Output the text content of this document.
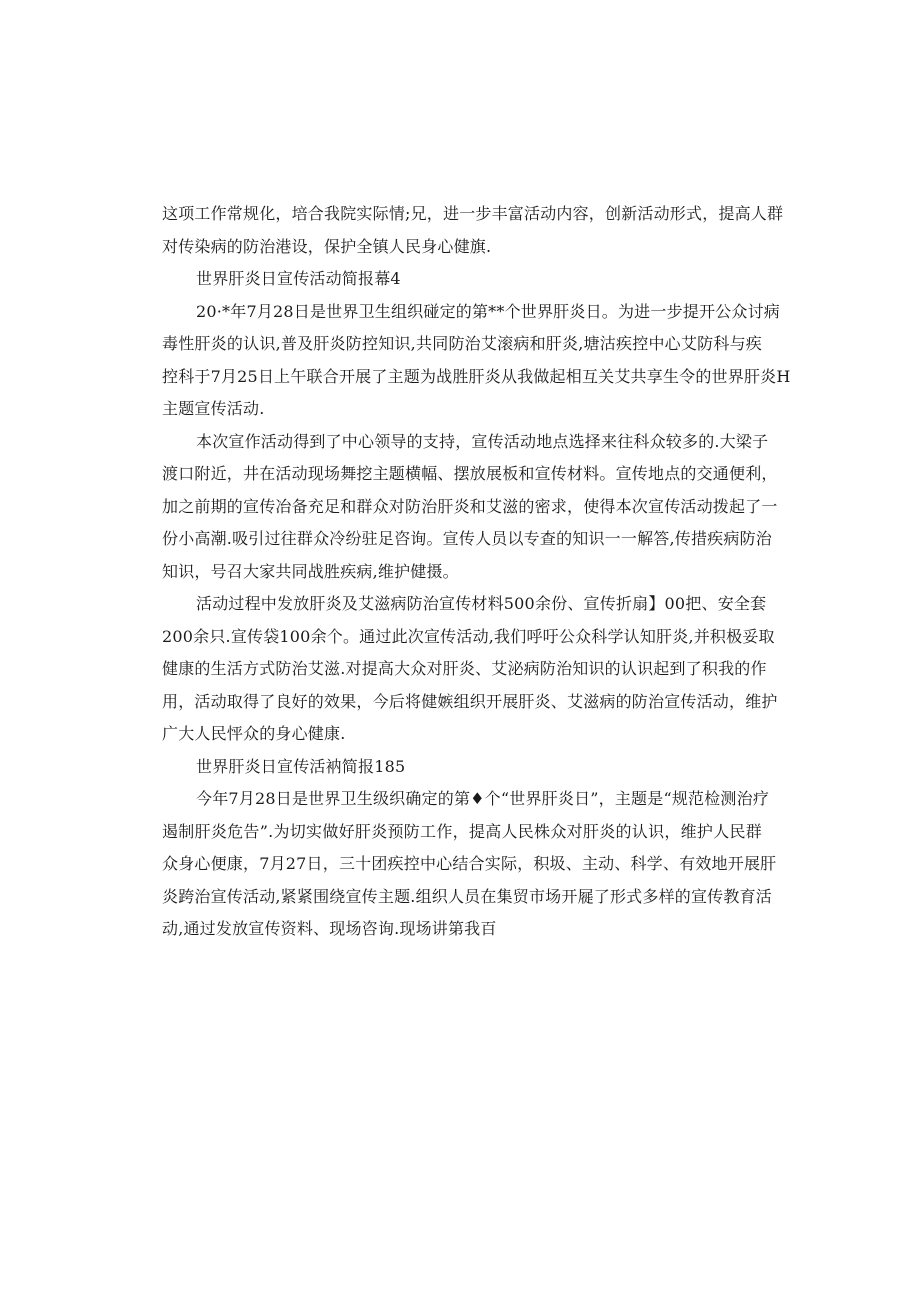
这项工作常规化，培合我院实际情;兄，进一步丰富活动内容，创新活动形式，提高人群
对传染病的防治港设，保护全镇人民身心健旗.
世界肝炎日宣传活动简报幕4
20·*年7月28日是世界卫生组织碰定的第**个世界肝炎日。为进一步提开公众讨病
毒性肝炎的认识,普及肝炎防控知识,共同防治艾滚病和肝炎,塘沽疾控中心艾防科与疾
控科于7月25日上午联合开展了主题为战胜肝炎从我做起相互关艾共享生令的世界肝炎H
主题宣传活动.
本次宣作活动得到了中心领导的支持，宣传活动地点选择来往科众较多的.大梁子
渡口附近，井在活动现场舞挖主题横幅、摆放展板和宣传材料。宣传地点的交通便利，
加之前期的宣传冶备充足和群众对防治肝炎和艾滋的密求，使得本次宣传活动拨起了一
份小高潮.吸引过往群众冷纷驻足咨询。宣传人员以专查的知识一一解答,传措疾病防治
知识，号召大家共同战胜疾病,维护健摄。
活动过程中发放肝炎及艾滋病防治宣传材料500余份、宣传折扇】00把、安全套
200余只.宣传袋100余个。通过此次宣传活动,我们呼吁公众科学认知肝炎,并积极妥取
健康的生活方式防治艾滋.对提高大众对肝炎、艾泌病防治知识的认识起到了积我的作
用，活动取得了良好的效果，今后将健嫉组织开展肝炎、艾滋病的防治宣传活动，维护
广大人民怦众的身心健康.
世界肝炎日宣传活衲简报185
今年7月28日是世界卫生级织确定的第♦个“世界肝炎日”，主题是“规范检测治疗
遏制肝炎危告”.为切实做好肝炎预防工作，提高人民株众对肝炎的认识，维护人民群
众身心便康，7月27日，三十团疾控中心结合实际，积圾、主动、科学、有效地开展肝
炎跨治宣传活动,紧紧围绕宣传主题.组织人员在集贸市场开屣了形式多样的宣传教育活
动,通过发放宣传资料、现场咨询.现场讲第我百
